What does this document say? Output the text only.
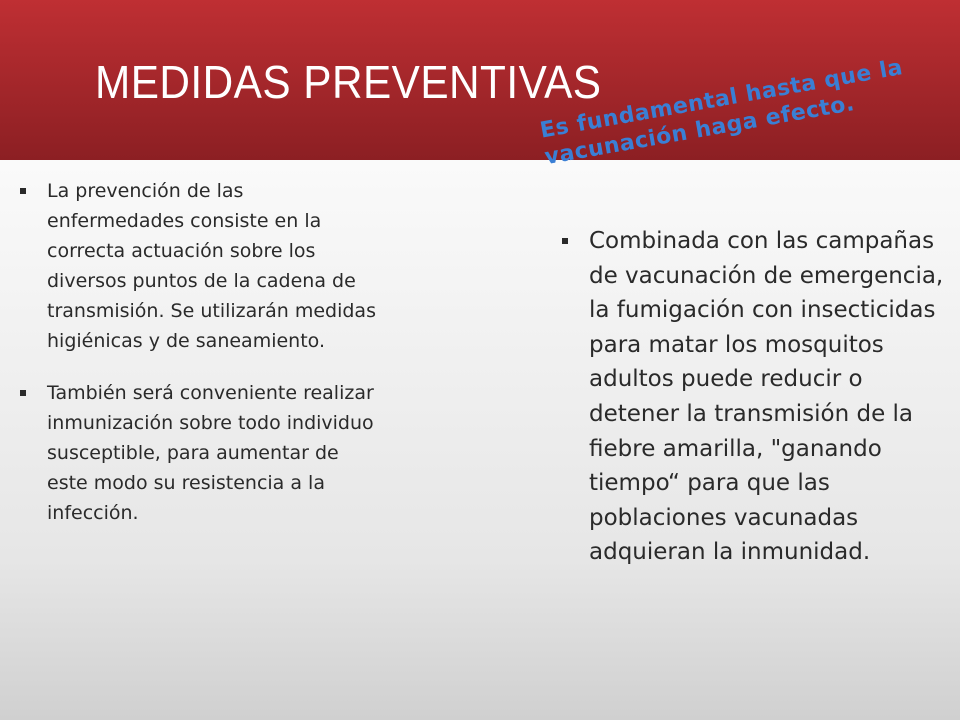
MEDIDAS PREVENTIVAS
La prevención de las enfermedades consiste en la correcta actuación sobre los diversos puntos de la cadena de transmisión. Se utilizarán medidas higiénicas y de saneamiento.
También será conveniente realizar inmunización sobre todo individuo susceptible, para aumentar de este modo su resistencia a la infección.
Combinada con las campañas de vacunación de emergencia, la fumigación con insecticidas para matar los mosquitos adultos puede reducir o detener la transmisión de la fiebre amarilla, "ganando tiempo“ para que las poblaciones vacunadas adquieran la inmunidad.
Es fundamental hasta que la vacunación haga efecto.
